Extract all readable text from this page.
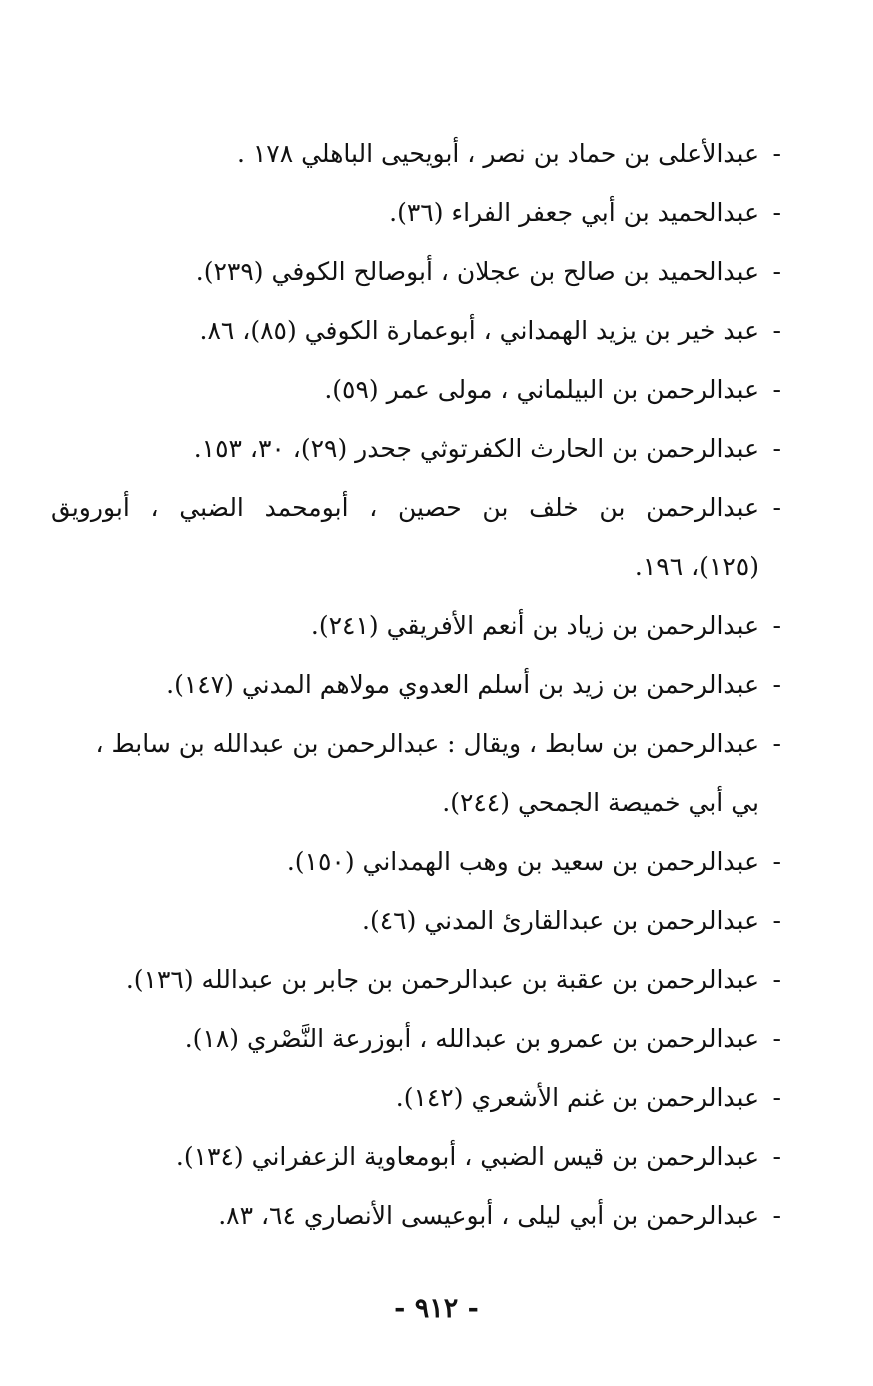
-عبدالأعلى بن حماد بن نصر ، أبويحيى الباهلي ١٧٨ .
-عبدالحميد بن أبي جعفر الفراء (٣٦).
-عبدالحميد بن صالح بن عجلان ، أبوصالح الكوفي (٢٣٩).
-عبد خير بن يزيد الهمداني ، أبوعمارة الكوفي (٨٥)، ٨٦.
-عبدالرحمن بن البيلماني ، مولى عمر (٥٩).
-عبدالرحمن بن الحارث الكفرتوثي جحدر (٢٩)، ٣٠، ١٥٣.
-عبدالرحمن بن خلف بن حصين ، أبومحمد الضبي ، أبورويق
(١٢٥)، ١٩٦.
-عبدالرحمن بن زياد بن أنعم الأفريقي (٢٤١).
-عبدالرحمن بن زيد بن أسلم العدوي مولاهم المدني (١٤٧).
-عبدالرحمن بن سابط ، ويقال : عبدالرحمن بن عبدالله بن سابط ،
بي أبي خميصة الجمحي (٢٤٤).
-عبدالرحمن بن سعيد بن وهب الهمداني (١٥٠).
-عبدالرحمن بن عبدالقارئ المدني (٤٦).
-عبدالرحمن بن عقبة بن عبدالرحمن بن جابر بن عبدالله (١٣٦).
-عبدالرحمن بن عمرو بن عبدالله ، أبوزرعة النَّصْري (١٨).
-عبدالرحمن بن غنم الأشعري (١٤٢).
-عبدالرحمن بن قيس الضبي ، أبومعاوية الزعفراني (١٣٤).
-عبدالرحمن بن أبي ليلى ، أبوعيسى الأنصاري ٦٤، ٨٣.
- ٩١٢ -
